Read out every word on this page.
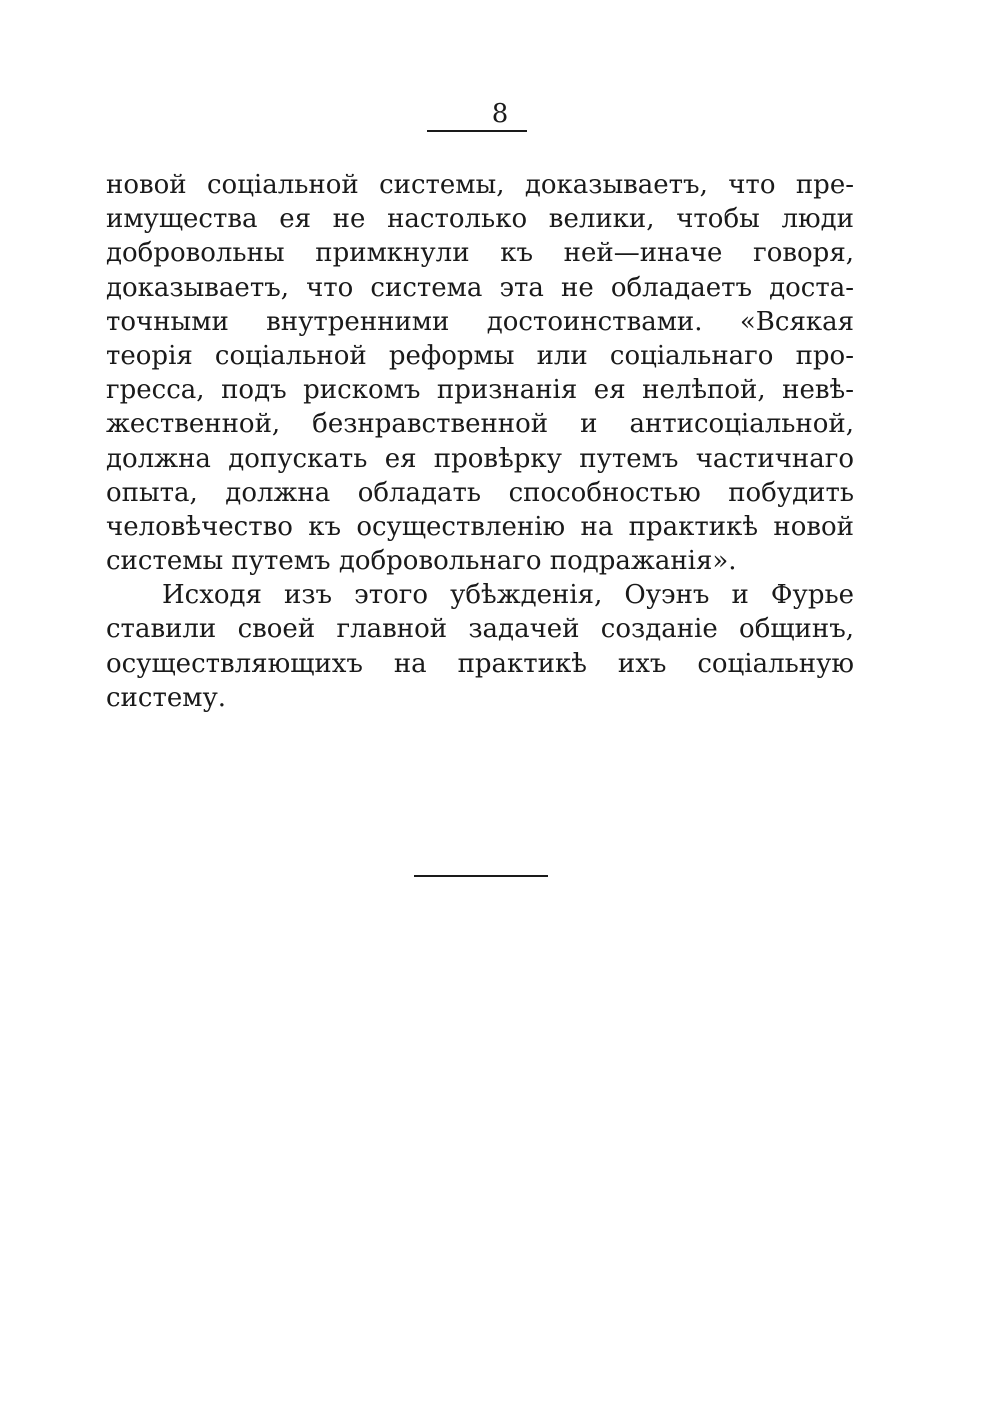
8
новой соціальной системы, доказываетъ, что пре-
имущества ея не настолько велики, чтобы люди
добровольны примкнули къ ней—иначе говоря,
доказываетъ, что система эта не обладаетъ доста-
точными внутренними достоинствами. «Всякая
теорія соціальной реформы или соціальнаго про-
гресса, подъ рискомъ признанія ея нелѣпой, невѣ-
жественной, безнравственной и антисоціальной,
должна допускать ея провѣрку путемъ частичнаго
опыта, должна обладать способностью побудить
человѣчество къ осуществленію на практикѣ новой
системы путемъ добровольнаго подражанія».
Исходя изъ этого убѣжденія, Оуэнъ и Фурье
ставили своей главной задачей созданіе общинъ,
осуществляющихъ на практикѣ ихъ соціальную
систему.
